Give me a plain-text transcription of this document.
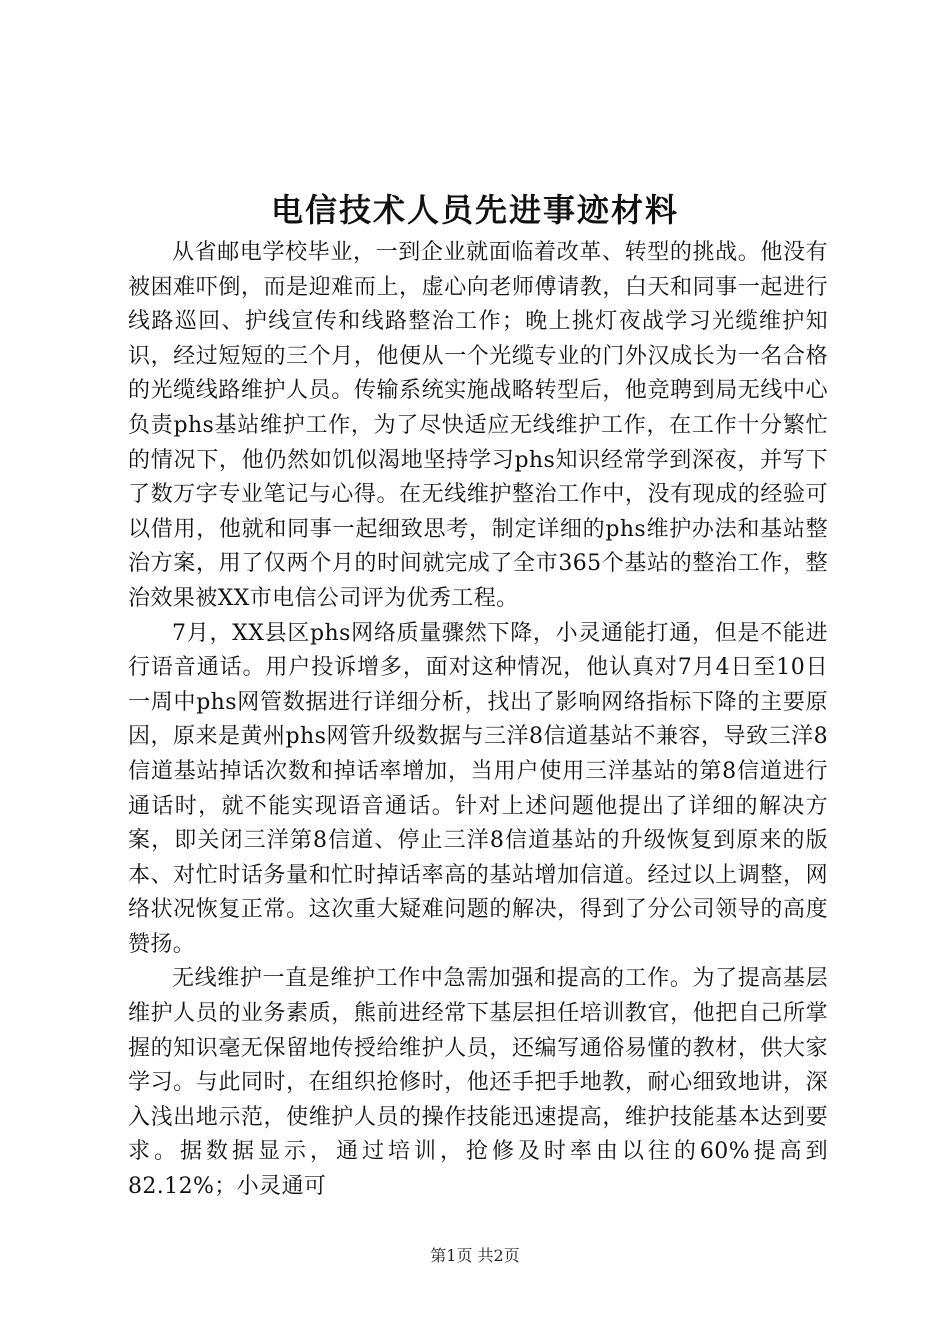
电信技术人员先进事迹材料

从省邮电学校毕业，一到企业就面临着改革、转型的挑战。他没有被困难吓倒，而是迎难而上，虚心向老师傅请教，白天和同事一起进行线路巡回、护线宣传和线路整治工作；晚上挑灯夜战学习光缆维护知识，经过短短的三个月，他便从一个光缆专业的门外汉成长为一名合格的光缆线路维护人员。传输系统实施战略转型后，他竞聘到局无线中心负责phs基站维护工作，为了尽快适应无线维护工作，在工作十分繁忙的情况下，他仍然如饥似渴地坚持学习phs知识经常学到深夜，并写下了数万字专业笔记与心得。在无线维护整治工作中，没有现成的经验可以借用，他就和同事一起细致思考，制定详细的phs维护办法和基站整治方案，用了仅两个月的时间就完成了全市365个基站的整治工作，整治效果被XX市电信公司评为优秀工程。

7月，XX县区phs网络质量骤然下降，小灵通能打通，但是不能进行语音通话。用户投诉增多，面对这种情况，他认真对7月4日至10日一周中phs网管数据进行详细分析，找出了影响网络指标下降的主要原因，原来是黄州phs网管升级数据与三洋8信道基站不兼容，导致三洋8信道基站掉话次数和掉话率增加，当用户使用三洋基站的第8信道进行通话时，就不能实现语音通话。针对上述问题他提出了详细的解决方案，即关闭三洋第8信道、停止三洋8信道基站的升级恢复到原来的版本、对忙时话务量和忙时掉话率高的基站增加信道。经过以上调整，网络状况恢复正常。这次重大疑难问题的解决，得到了分公司领导的高度赞扬。

无线维护一直是维护工作中急需加强和提高的工作。为了提高基层维护人员的业务素质，熊前进经常下基层担任培训教官，他把自己所掌握的知识毫无保留地传授给维护人员，还编写通俗易懂的教材，供大家学习。与此同时，在组织抢修时，他还手把手地教，耐心细致地讲，深入浅出地示范，使维护人员的操作技能迅速提高，维护技能基本达到要求。据数据显示，通过培训，抢修及时率由以往的60%提高到82.12%；小灵通可

第1页 共2页
